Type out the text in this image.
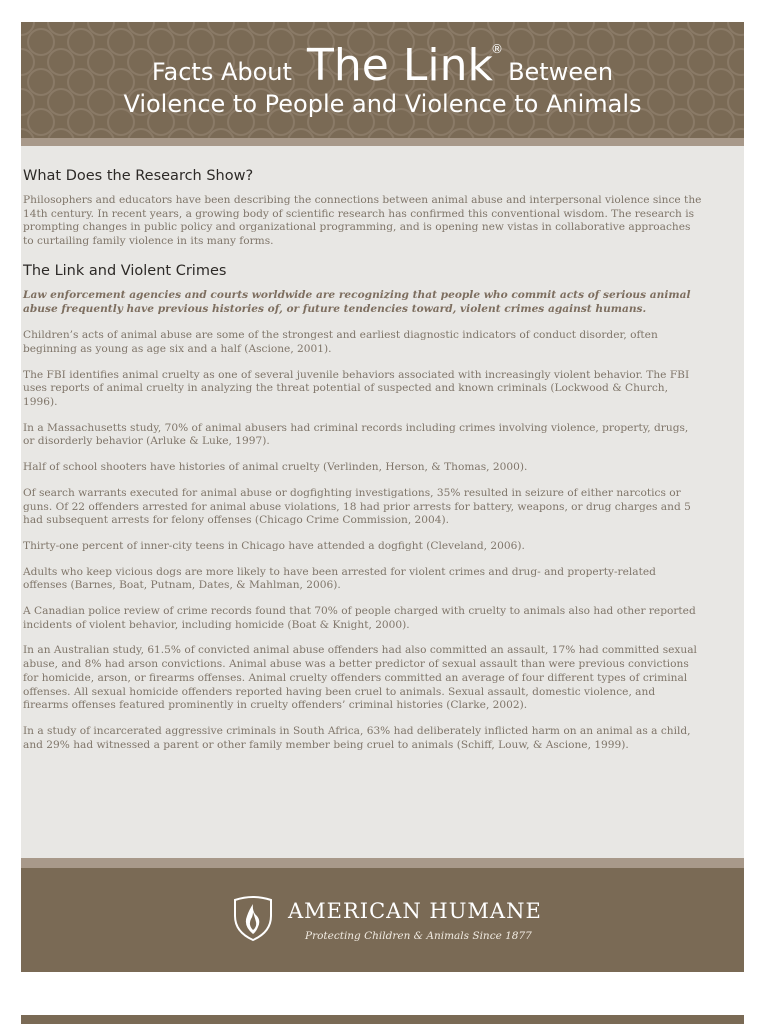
Facts About The Link
®
Between
Violence to People and Violence to Animals
What Does the Research Show?

Philosophers and educators have been describing the connections between animal abuse and interpersonal violence since the 14th century. In recent years, a growing body of scientific research has confirmed this conventional wisdom. The research is prompting changes in public policy and organizational programming, and is opening new vistas in collaborative approaches to curtailing family violence in its many forms.

The Link and Violent Crimes

Law enforcement agencies and courts worldwide are recognizing that people who commit acts of serious animal abuse frequently have previous histories of, or future tendencies toward, violent crimes against humans.

Children’s acts of animal abuse are some of the strongest and earliest diagnostic indicators of conduct disorder, often beginning as young as age six and a half (Ascione, 2001).

The FBI identifies animal cruelty as one of several juvenile behaviors associated with increasingly violent behavior. The FBI uses reports of animal cruelty in analyzing the threat potential of suspected and known criminals (Lockwood & Church, 1996).

In a Massachusetts study, 70% of animal abusers had criminal records including crimes involving violence, property, drugs, or disorderly behavior (Arluke & Luke, 1997).

Half of school shooters have histories of animal cruelty (Verlinden, Herson, & Thomas, 2000).

Of search warrants executed for animal abuse or dogfighting investigations, 35% resulted in seizure of either narcotics or guns. Of 22 offenders arrested for animal abuse violations, 18 had prior arrests for battery, weapons, or drug charges and 5 had subsequent arrests for felony offenses (Chicago Crime Commission, 2004).

Thirty-one percent of inner-city teens in Chicago have attended a dogfight (Cleveland, 2006).

Adults who keep vicious dogs are more likely to have been arrested for violent crimes and drug- and property-related offenses (Barnes, Boat, Putnam, Dates, & Mahlman, 2006).

A Canadian police review of crime records found that 70% of people charged with cruelty to animals also had other reported incidents of violent behavior, including homicide (Boat & Knight, 2000).

In an Australian study, 61.5% of convicted animal abuse offenders had also committed an assault, 17% had committed sexual abuse, and 8% had arson convictions. Animal abuse was a better predictor of sexual assault than were previous convictions for homicide, arson, or firearms offenses. Animal cruelty offenders committed an average of four different types of criminal offenses. All sexual homicide offenders reported having been cruel to animals. Sexual assault, domestic violence, and firearms offenses featured prominently in cruelty offenders’ criminal histories (Clarke, 2002).

In a study of incarcerated aggressive criminals in South Africa, 63% had deliberately inflicted harm on an animal as a child, and 29% had witnessed a parent or other family member being cruel to animals (Schiff, Louw, & Ascione, 1999).

AMERICAN HUMANE
Protecting Children & Animals Since 1877
